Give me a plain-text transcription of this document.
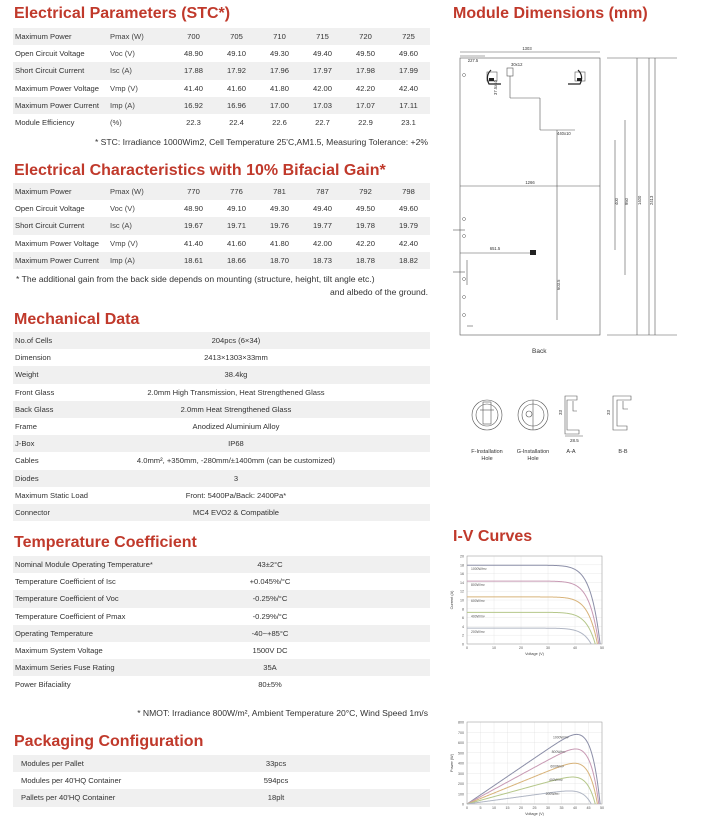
Electrical Parameters (STC*)
Maximum Power	Pmax (W)	700	705	710	715	720	725
Open Circuit Voltage	Voc (V)	48.90	49.10	49.30	49.40	49.50	49.60
Short Circuit Current	Isc (A)	17.88	17.92	17.96	17.97	17.98	17.99
Maximum Power Voltage	Vmp (V)	41.40	41.60	41.80	42.00	42.20	42.40
Maximum Power Current	Imp (A)	16.92	16.96	17.00	17.03	17.07	17.11
Module Efficiency	(%)	22.3	22.4	22.6	22.7	22.9	23.1
* STC: Irradiance 1000Wim2, Cell Temperature 25'C,AM1.5, Measuring Tolerance: +2%
Electrical Characteristics with 10% Bifacial Gain*
Maximum Power	Pmax (W)	770	776	781	787	792	798
Open Circuit Voltage	Voc (V)	48.90	49.10	49.30	49.40	49.50	49.60
Short Circuit Current	Isc (A)	19.67	19.71	19.76	19.77	19.78	19.79
Maximum Power Voltage	Vmp (V)	41.40	41.60	41.80	42.00	42.20	42.40
Maximum Power Current	Imp (A)	18.61	18.66	18.70	18.73	18.78	18.82
* The additional gain from the back side depends on mounting (structure, height, tilt angle etc.)
and albedo of the ground.
Mechanical Data
No.of Cells	204pcs (6×34)
Dimension	2413×1303×33mm
Weight	38.4kg
Front Glass	2.0mm High Transmission, Heat Strengthened Glass
Back Glass	2.0mm Heat Strengthened Glass
Frame	Anodized Aluminium Alloy
J-Box	IP68
Cables	4.0mm², +350mm, -280mm/±1400mm (can be customized)
Diodes	3
Maximum Static Load	Front: 5400Pa/Back: 2400Pa*
Connector	MC4 EVO2 & Compatible
Temperature Coefficient
Nominal Module Operating Temperature*	43±2°C	
Temperature Coefficient of Isc	+0.045%/°C	
Temperature Coefficient of Voc	-0.25%/°C	
Temperature Coefficient of Pmax	-0.29%/°C	
Operating Temperature	-40~+85°C	
Maximum System Voltage	1500V DC	
Maximum Series Fuse Rating	35A	
Power Bifaciality	80±5%	
* NMOT: Irradiance 800W/m², Ambient Temperature 20°C, Wind Speed 1m/s
Packaging Configuration
Modules per Pallet	33pcs	
Modules per 40'HQ Container	594pcs	
Pallets per 40'HQ Container	18plt	
Module Dimensions (mm)
1303
227.5
37.5x10
30x12
440x10
1266
400 950 1400 2413
651.5
603.5
Back
33
28.5
33
F-Installation Hole
G-Installation Hole
A-A	B-B
I-V Curves
0
2
4
6
8
10
12
14
16
18
20
0	10	20	30	40	50
Voltage (V)
Current (A)
1000W/m²
800W/m²
600W/m²
400W/m²
200W/m²
0
100
200
300
400
500
600
700
800
0	5	10	15	20	25	30	35	40	45	50
Voltage (V)
Power (W)
1000W/m²
800W/m²
600W/m²
400W/m²
200W/m²
